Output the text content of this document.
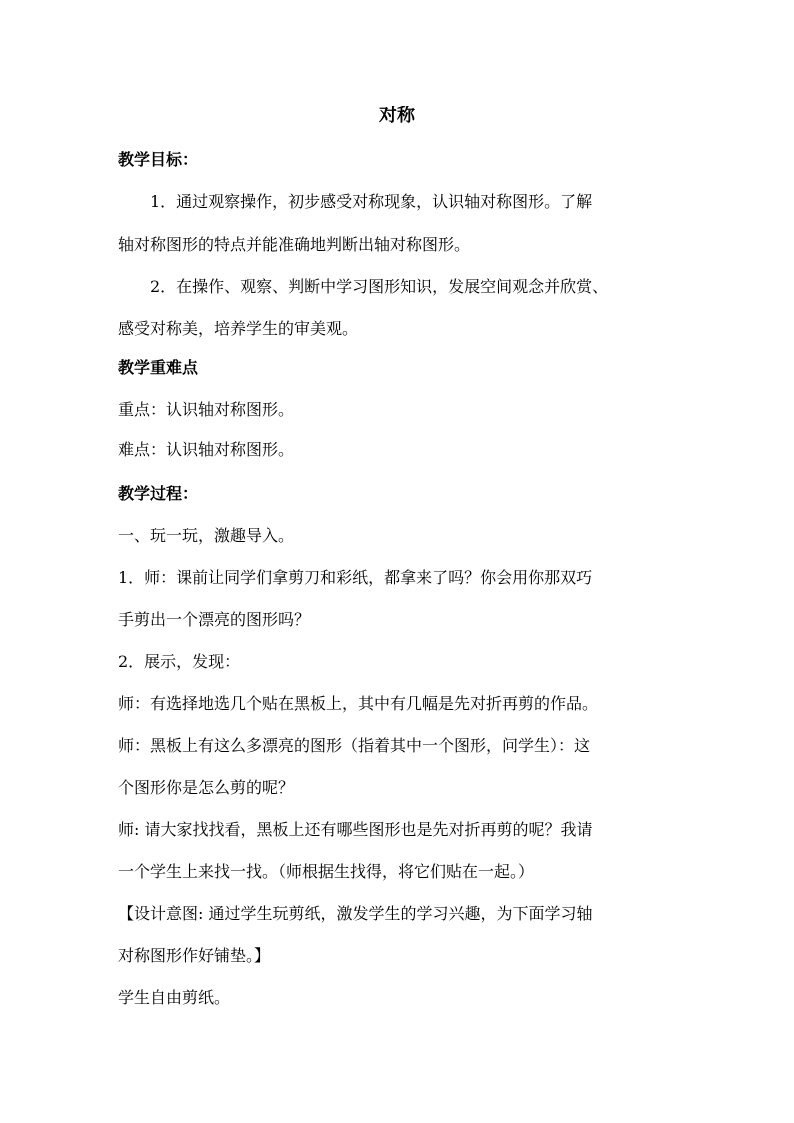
对称
教学目标：
1．通过观察操作，初步感受对称现象，认识轴对称图形。了解
轴对称图形的特点并能准确地判断出轴对称图形。
2．在操作、观察、判断中学习图形知识，发展空间观念并欣赏、
感受对称美，培养学生的审美观。
教学重难点
重点：认识轴对称图形。
难点：认识轴对称图形。
教学过程：
一、玩一玩，激趣导入。
1．师：课前让同学们拿剪刀和彩纸，都拿来了吗？你会用你那双巧
手剪出一个漂亮的图形吗？
2．展示，发现：
师：有选择地选几个贴在黑板上，其中有几幅是先对折再剪的作品。
师：黑板上有这么多漂亮的图形（指着其中一个图形，问学生）：这
个图形你是怎么剪的呢？
师: 请大家找找看，黑板上还有哪些图形也是先对折再剪的呢？我请
一个学生上来找一找。（师根据生找得，将它们贴在一起。）
【设计意图: 通过学生玩剪纸，激发学生的学习兴趣，为下面学习轴
对称图形作好铺垫。】
学生自由剪纸。
